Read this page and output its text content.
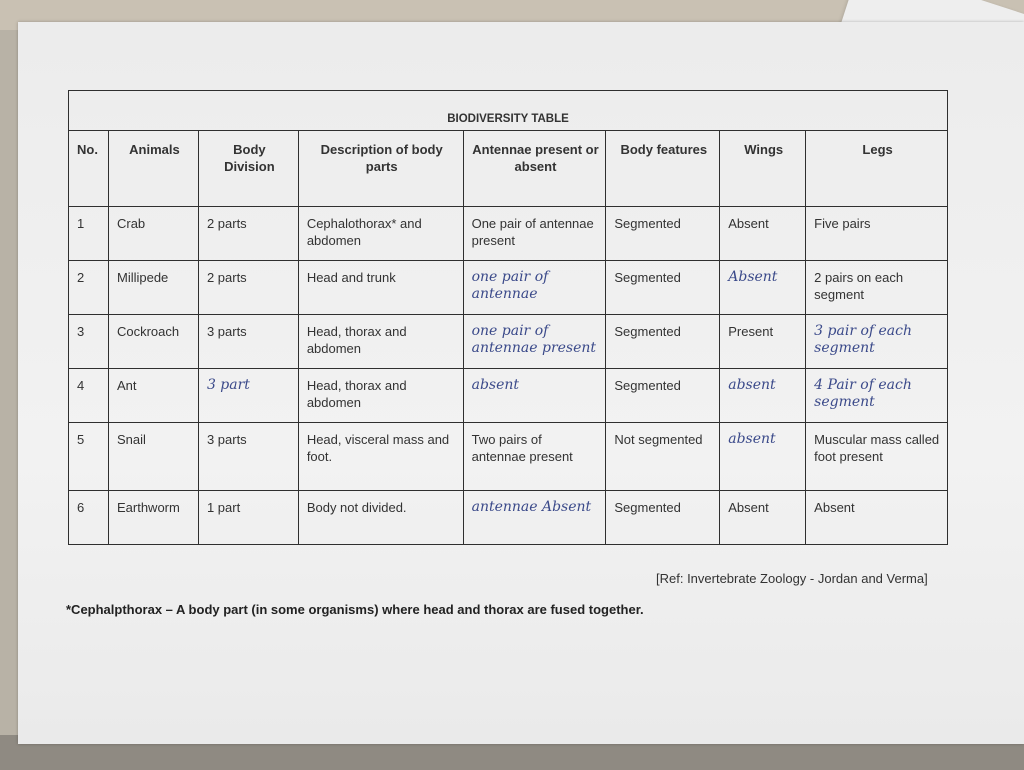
BIODIVERSITY TABLE							
No.	Animals	Body Division	Description of body parts	Antennae present or absent	Body features	Wings	Legs
1	Crab	2 parts	Cephalothorax* and abdomen	One pair of antennae present	Segmented	Absent	Five pairs
2	Millipede	2 parts	Head and trunk	one pair of antennae	Segmented	Absent	2 pairs on each segment
3	Cockroach	3 parts	Head, thorax and abdomen	one pair of antennae present	Segmented	Present	3 pair of each segment
4	Ant	3 part	Head, thorax and abdomen	absent	Segmented	absent	4 Pair of each segment
5	Snail	3 parts	Head, visceral mass and foot.	Two pairs of antennae present	Not segmented	absent	Muscular mass called foot present
6	Earthworm	1 part	Body not divided.	antennae Absent	Segmented	Absent	Absent
[Ref: Invertebrate Zoology - Jordan and Verma]
*Cephalpthorax – A body part (in some organisms) where head and thorax are fused together.
